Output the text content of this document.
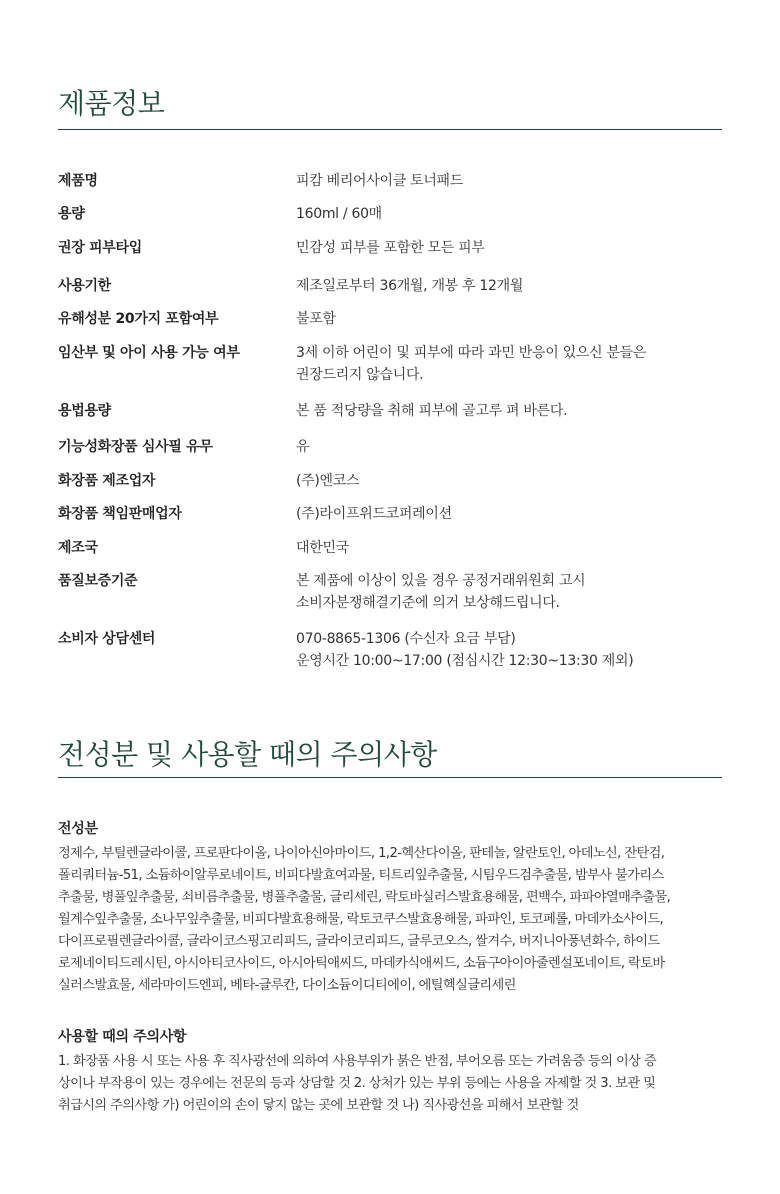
제품정보
제품명	피캄 베리어사이클 토너패드
용량	160ml / 60매
권장 피부타입	민감성 피부를 포함한 모든 피부
사용기한	제조일로부터 36개월, 개봉 후 12개월
유해성분 20가지 포함여부	불포함
임산부 및 아이 사용 가능 여부	3세 이하 어린이 및 피부에 따라 과민 반응이 있으신 분들은
권장드리지 않습니다.
용법용량	본 품 적당량을 취해 피부에 골고루 펴 바른다.
기능성화장품 심사필 유무	유
화장품 제조업자	(주)엔코스
화장품 책임판매업자	(주)라이프위드코퍼레이션
제조국	대한민국
품질보증기준	본 제품에 이상이 있을 경우 공정거래위원회 고시
소비자분쟁해결기준에 의거 보상해드립니다.
소비자 상담센터	070-8865-1306 (수신자 요금 부담)
운영시간 10:00~17:00 (점심시간 12:30~13:30 제외)
전성분 및 사용할 때의 주의사항
전성분
정제수, 부틸렌글라이콜, 프로판다이올, 나이아신아마이드, 1,2-헥산다이올, 판테놀, 알란토인, 아데노신, 잔탄검,
폴리쿼터늄-51, 소듐하이알루로네이트, 비피다발효여과물, 티트리잎추출물, 시팀우드검추출물, 밤부사 불가리스
추출물, 병풀잎추출물, 쇠비름추출물, 병풀추출물, 글리세린, 락토바실러스발효용해물, 편백수, 파파야열매추출물,
월계수잎추출물, 소나무잎추출물, 비피다발효용해물, 락토코쿠스발효용해물, 파파인, 토코페롤, 마데카소사이드,
다이프로필렌글라이콜, 글라이코스핑고리피드, 글라이코리피드, 글루코오스, 쌀겨수, 버지니아풍년화수, 하이드
로제네이티드레시틴, 아시아티코사이드, 아시아틱애씨드, 마데카식애씨드, 소듐구아이아줄렌설포네이트, 락토바
실러스발효물, 세라마이드엔피, 베타-글루칸, 다이소듐이디티에이, 에틸헥실글리세린
사용할 때의 주의사항
1. 화장품 사용 시 또는 사용 후 직사광선에 의하여 사용부위가 붉은 반점, 부어오름 또는 가려움증 등의 이상 증
상이나 부작용이 있는 경우에는 전문의 등과 상담할 것 2. 상처가 있는 부위 등에는 사용을 자제할 것 3. 보관 및
취급시의 주의사항 가) 어린이의 손이 닿지 않는 곳에 보관할 것 나) 직사광선을 피해서 보관할 것
